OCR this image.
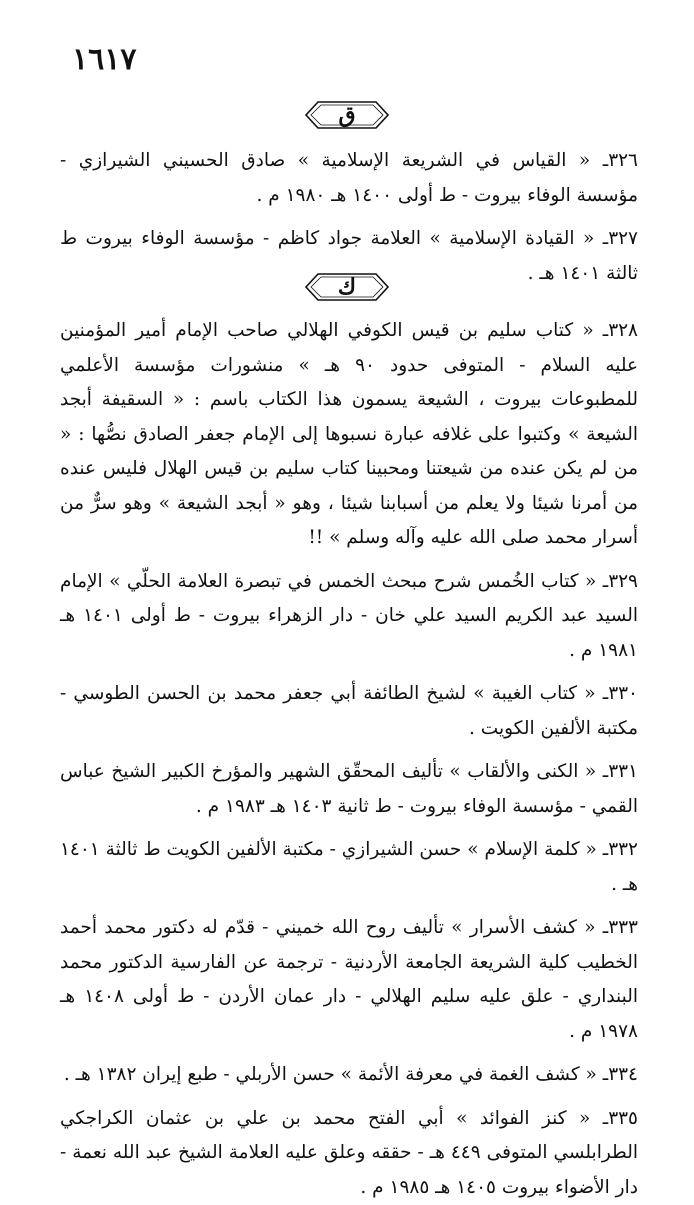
١٦١٧
ق

٣٢٦ـ « القياس في الشريعة الإسلامية » صادق الحسيني الشيرازي - مؤسسة الوفاء بيروت - ط أولى ١٤٠٠ هـ ١٩٨٠ م .

٣٢٧ـ « القيادة الإسلامية » العلامة جواد كاظم - مؤسسة الوفاء بيروت ط ثالثة ١٤٠١ هـ .

ك

٣٢٨ـ « كتاب سليم بن قيس الكوفي الهلالي صاحب الإمام أمير المؤمنين عليه السلام - المتوفى حدود ٩٠ هـ » منشورات مؤسسة الأعلمي للمطبوعات بيروت ، الشيعة يسمون هذا الكتاب باسم : « السقيفة أبجد الشيعة » وكتبوا على غلافه عبارة نسبوها إلى الإمام جعفر الصادق نصُّها : « من لم يكن عنده من شيعتنا ومحبينا كتاب سليم بن قيس الهلال فليس عنده من أمرنا شيئا ولا يعلم من أسبابنا شيئا ، وهو « أبجد الشيعة » وهو سرٌّ من أسرار محمد صلى الله عليه وآله وسلم » !!

٣٢٩ـ « كتاب الخُمس شرح مبحث الخمس في تبصرة العلامة الحلّي » الإمام السيد عبد الكريم السيد علي خان - دار الزهراء بيروت - ط أولى ١٤٠١ هـ ١٩٨١ م .

٣٣٠ـ « كتاب الغيبة » لشيخ الطائفة أبي جعفر محمد بن الحسن الطوسي - مكتبة الألفين الكويت .

٣٣١ـ « الكنى والألقاب » تأليف المحقّق الشهير والمؤرخ الكبير الشيخ عباس القمي - مؤسسة الوفاء بيروت - ط ثانية ١٤٠٣ هـ ١٩٨٣ م .

٣٣٢ـ « كلمة الإسلام » حسن الشيرازي - مكتبة الألفين الكويت ط ثالثة ١٤٠١ هـ .

٣٣٣ـ « كشف الأسرار » تأليف روح الله خميني - قدّم له دكتور محمد أحمد الخطيب كلية الشريعة الجامعة الأردنية - ترجمة عن الفارسية الدكتور محمد البنداري - علق عليه سليم الهلالي - دار عمان الأردن - ط أولى ١٤٠٨ هـ ١٩٧٨ م .

٣٣٤ـ « كشف الغمة في معرفة الأئمة » حسن الأربلي - طبع إيران ١٣٨٢ هـ .

٣٣٥ـ « كنز الفوائد » أبي الفتح محمد بن علي بن عثمان الكراجكي الطرابلسي المتوفى ٤٤٩ هـ - حققه وعلق عليه العلامة الشيخ عبد الله نعمة - دار الأضواء بيروت ١٤٠٥ هـ ١٩٨٥ م .
